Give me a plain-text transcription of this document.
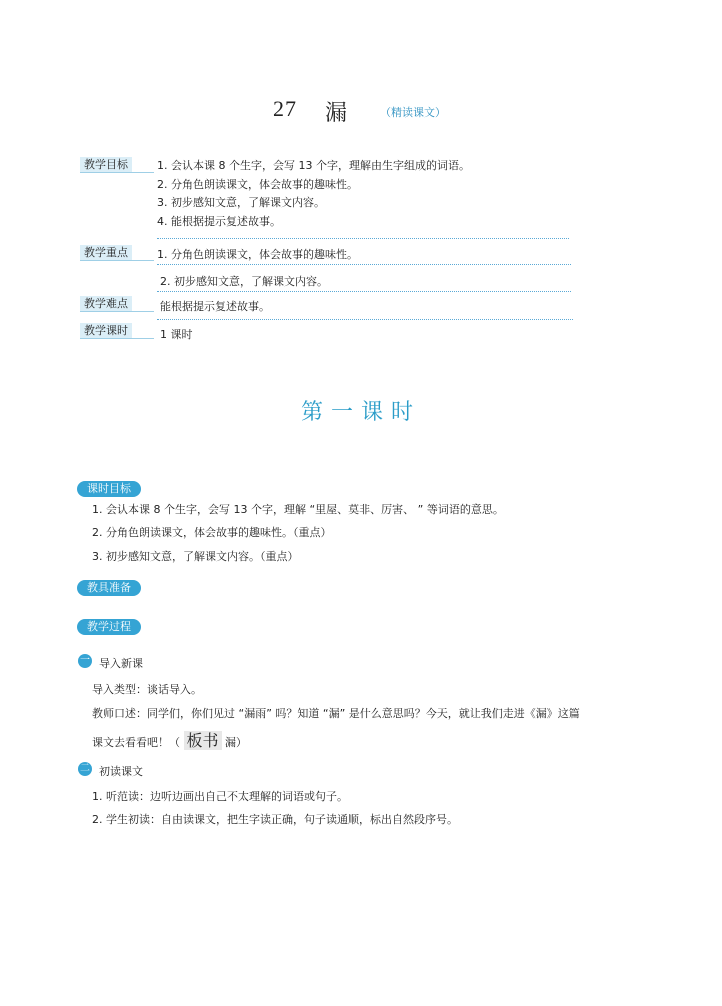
27 漏	（精读课文）
教学目标	1. 会认本课 8 个生字，会写 13 个字，理解由生字组成的词语。
2. 分角色朗读课文，体会故事的趣味性。
3. 初步感知文意，了解课文内容。
4. 能根据提示复述故事。
教学重点	1. 分角色朗读课文，体会故事的趣味性。
2. 初步感知文意，了解课文内容。
教学难点	能根据提示复述故事。
教学课时	1 课时
第一课时
课时目标
1. 会认本课 8 个生字，会写 13 个字，理解 “里屋、莫非、厉害、 ” 等词语的意思。
2. 分角色朗读课文，体会故事的趣味性。（重点）
3. 初步感知文意，了解课文内容。（重点）
教具准备
教学过程
一 导入新课
导入类型：谈话导入。
教师口述：同学们，你们见过 “漏雨” 吗？知道 “漏” 是什么意思吗？今天，就让我们走进《漏》这篇
课文去看看吧！（ 板书 漏）
二 初读课文
1. 听范读：边听边画出自己不太理解的词语或句子。
2. 学生初读：自由读课文，把生字读正确，句子读通顺，标出自然段序号。
